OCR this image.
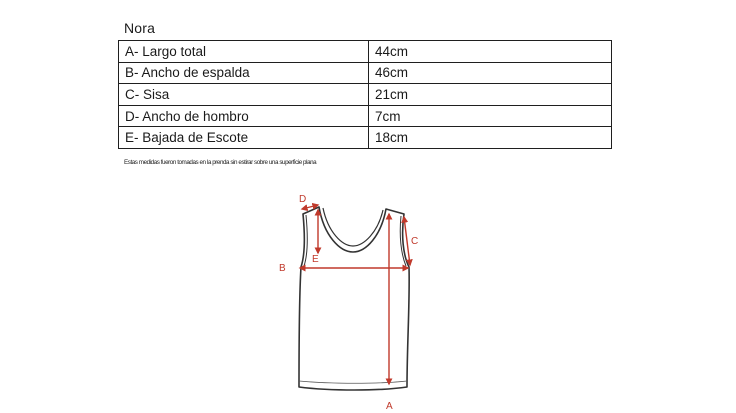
Nora
A- Largo total	44cm
B- Ancho de espalda	46cm
C- Sisa	21cm
D- Ancho de hombro	7cm
E- Bajada de Escote	18cm
Estas medidas fueron tomadas en la prenda sin estirar sobre una superficie plana
A
B
C
D
E
